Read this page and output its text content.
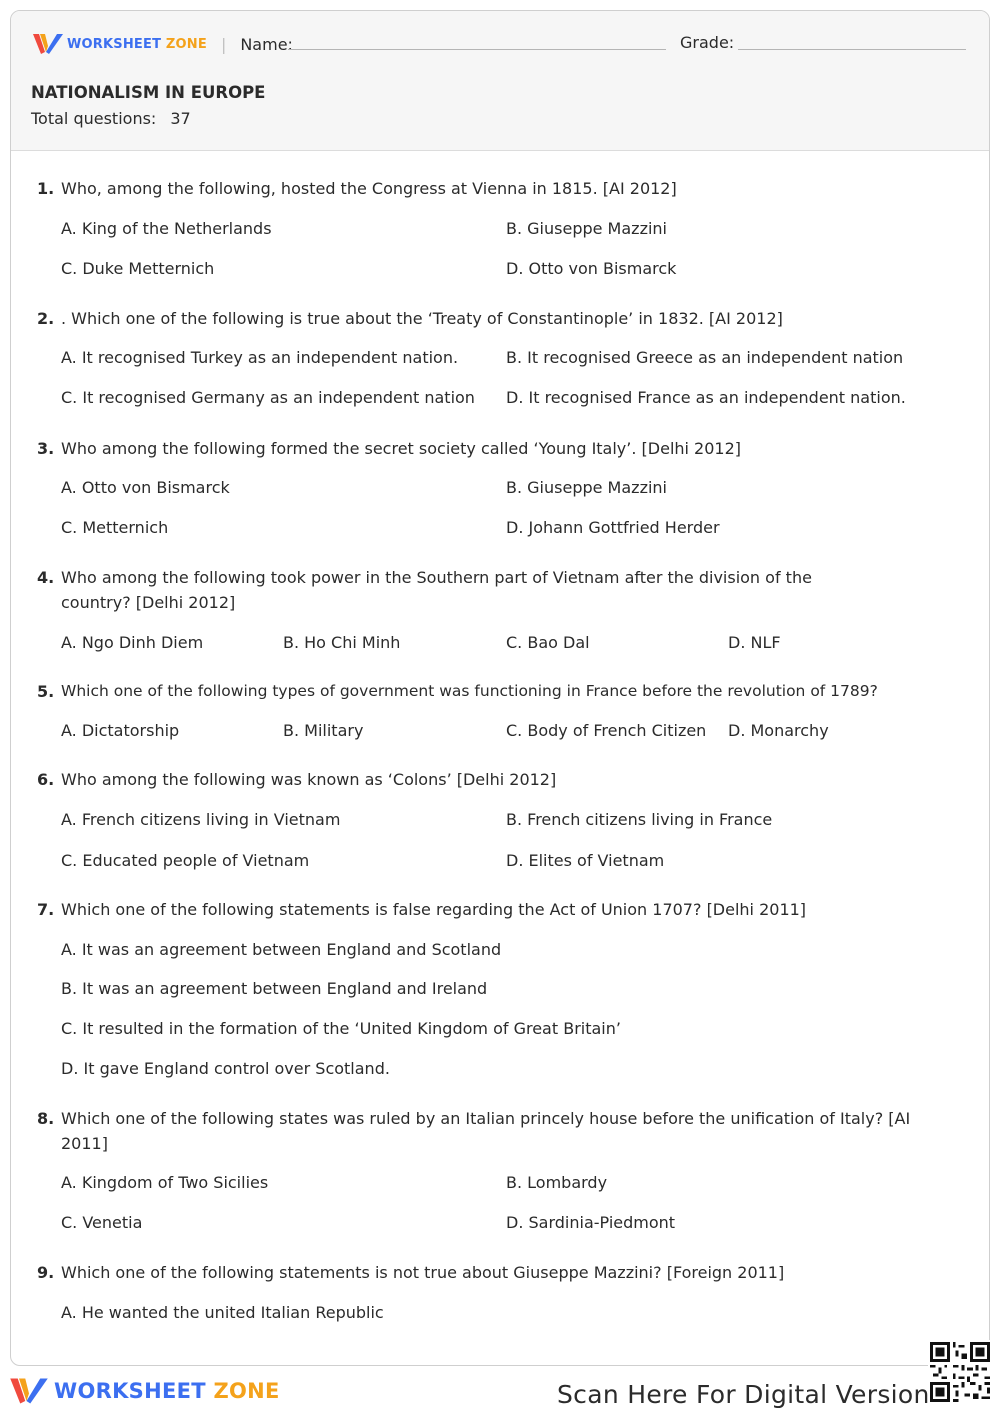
WORKSHEET ZONE | Name:	Grade:
NATIONALISM IN EUROPE
Total questions: 37
1. Who, among the following, hosted the Congress at Vienna in 1815. [AI 2012]
A. King of the Netherlands	B. Giuseppe Mazzini
C. Duke Metternich	D. Otto von Bismarck
2. . Which one of the following is true about the ‘Treaty of Constantinople’ in 1832. [AI 2012]
A. It recognised Turkey as an independent nation.	B. It recognised Greece as an independent nation
C. It recognised Germany as an independent nation D. It recognised France as an independent nation.
3. Who among the following formed the secret society called ‘Young Italy’. [Delhi 2012]
A. Otto von Bismarck	B. Giuseppe Mazzini
C. Metternich	D. Johann Gottfried Herder
4. Who among the following took power in the Southern part of Vietnam after the division of the country? [Delhi 2012]
A. Ngo Dinh Diem	B. Ho Chi Minh	C. Bao Dal	D. NLF
5. Which one of the following types of government was functioning in France before the revolution of 1789?
A. Dictatorship	B. Military	C. Body of French Citizen D. Monarchy
6. Who among the following was known as ‘Colons’ [Delhi 2012]
A. French citizens living in Vietnam	B. French citizens living in France
C. Educated people of Vietnam	D. Elites of Vietnam
7. Which one of the following statements is false regarding the Act of Union 1707? [Delhi 2011]
A. It was an agreement between England and Scotland
B. It was an agreement between England and Ireland
C. It resulted in the formation of the ‘United Kingdom of Great Britain’
D. It gave England control over Scotland.
8. Which one of the following states was ruled by an Italian princely house before the unification of Italy? [AI 2011]
A. Kingdom of Two Sicilies	B. Lombardy
C. Venetia	D. Sardinia-Piedmont
9. Which one of the following statements is not true about Giuseppe Mazzini? [Foreign 2011]
A. He wanted the united Italian Republic
WORKSHEET ZONE	Scan Here For Digital Version
